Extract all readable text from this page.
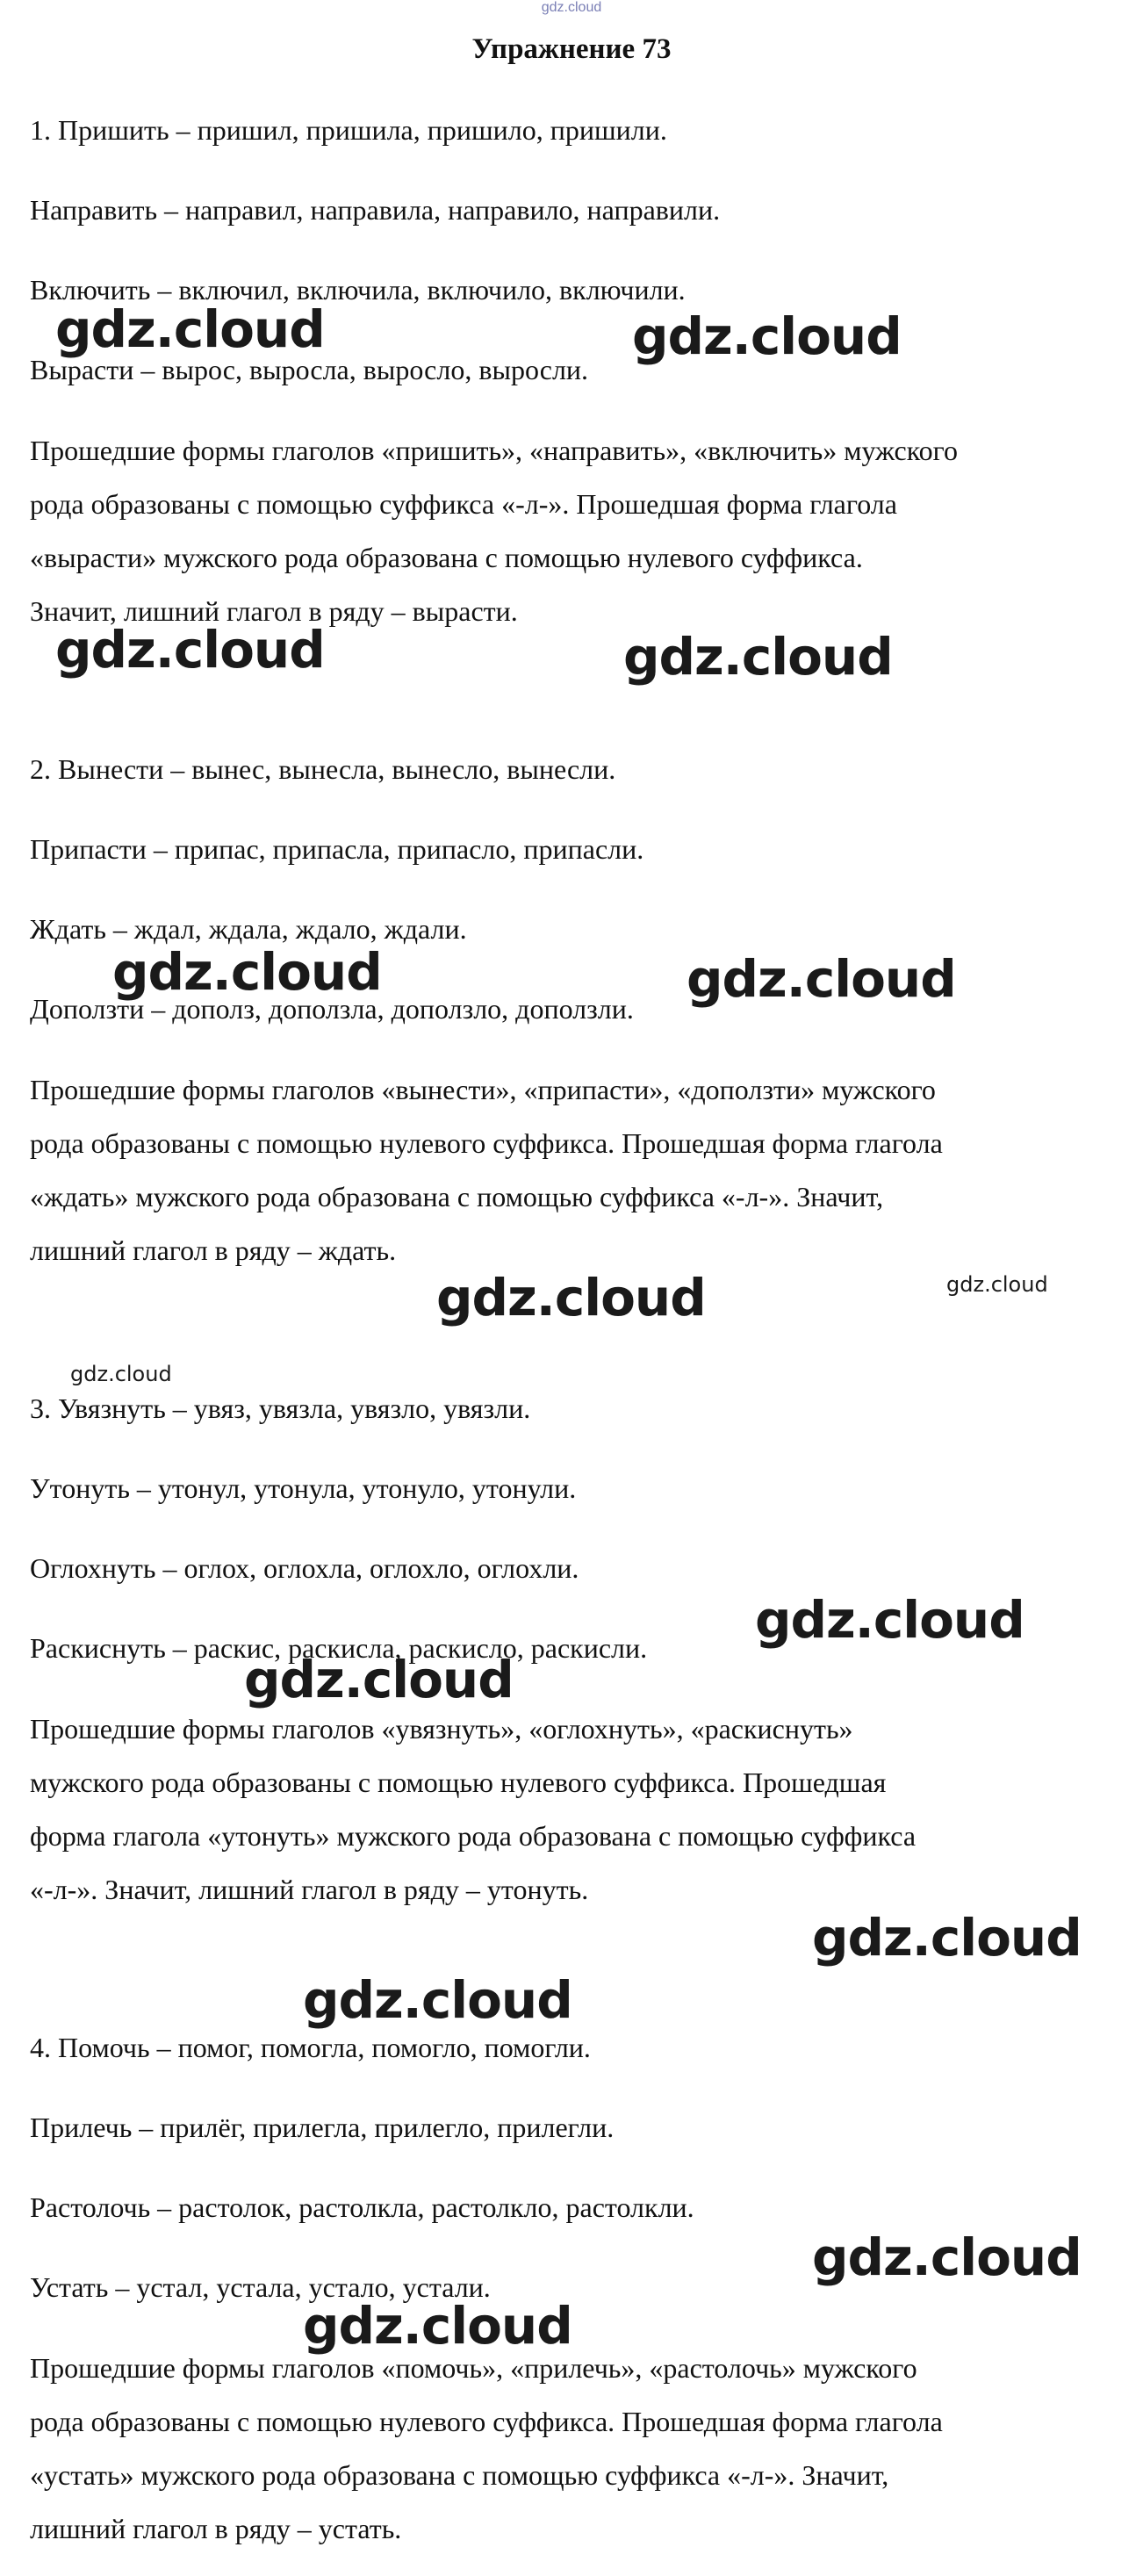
gdz.cloud
Упражнение 73
1. Пришить – пришил, пришила, пришило, пришили.
Направить – направил, направила, направило, направили.
Включить – включил, включила, включило, включили.
Вырасти – вырос, выросла, выросло, выросли.
Прошедшие формы глаголов «пришить», «направить», «включить» мужского
рода образованы с помощью суффикса «-л-». Прошедшая форма глагола
«вырасти» мужского рода образована с помощью нулевого суффикса.
Значит, лишний глагол в ряду – вырасти.
2. Вынести – вынес, вынесла, вынесло, вынесли.
Припасти – припас, припасла, припасло, припасли.
Ждать – ждал, ждала, ждало, ждали.
Доползти – дополз, доползла, доползло, доползли.
Прошедшие формы глаголов «вынести», «припасти», «доползти» мужского
рода образованы с помощью нулевого суффикса. Прошедшая форма глагола
«ждать» мужского рода образована с помощью суффикса «-л-». Значит,
лишний глагол в ряду – ждать.
3. Увязнуть – увяз, увязла, увязло, увязли.
Утонуть – утонул, утонула, утонуло, утонули.
Оглохнуть – оглох, оглохла, оглохло, оглохли.
Раскиснуть – раскис, раскисла, раскисло, раскисли.
Прошедшие формы глаголов «увязнуть», «оглохнуть», «раскиснуть»
мужского рода образованы с помощью нулевого суффикса. Прошедшая
форма глагола «утонуть» мужского рода образована с помощью суффикса
«-л-». Значит, лишний глагол в ряду – утонуть.
4. Помочь – помог, помогла, помогло, помогли.
Прилечь – прилёг, прилегла, прилегло, прилегли.
Растолочь – растолок, растолкла, растолкло, растолкли.
Устать – устал, устала, устало, устали.
Прошедшие формы глаголов «помочь», «прилечь», «растолочь» мужского
рода образованы с помощью нулевого суффикса. Прошедшая форма глагола
«устать» мужского рода образована с помощью суффикса «-л-». Значит,
лишний глагол в ряду – устать.
gdz.cloud	gdz.cloud
gdz.cloud	gdz.cloud
gdz.cloud	gdz.cloud
gdz.cloud	gdz.cloud
gdz.cloud
gdz.cloud
gdz.cloud
gdz.cloud
gdz.cloud
gdz.cloud
gdz.cloud
